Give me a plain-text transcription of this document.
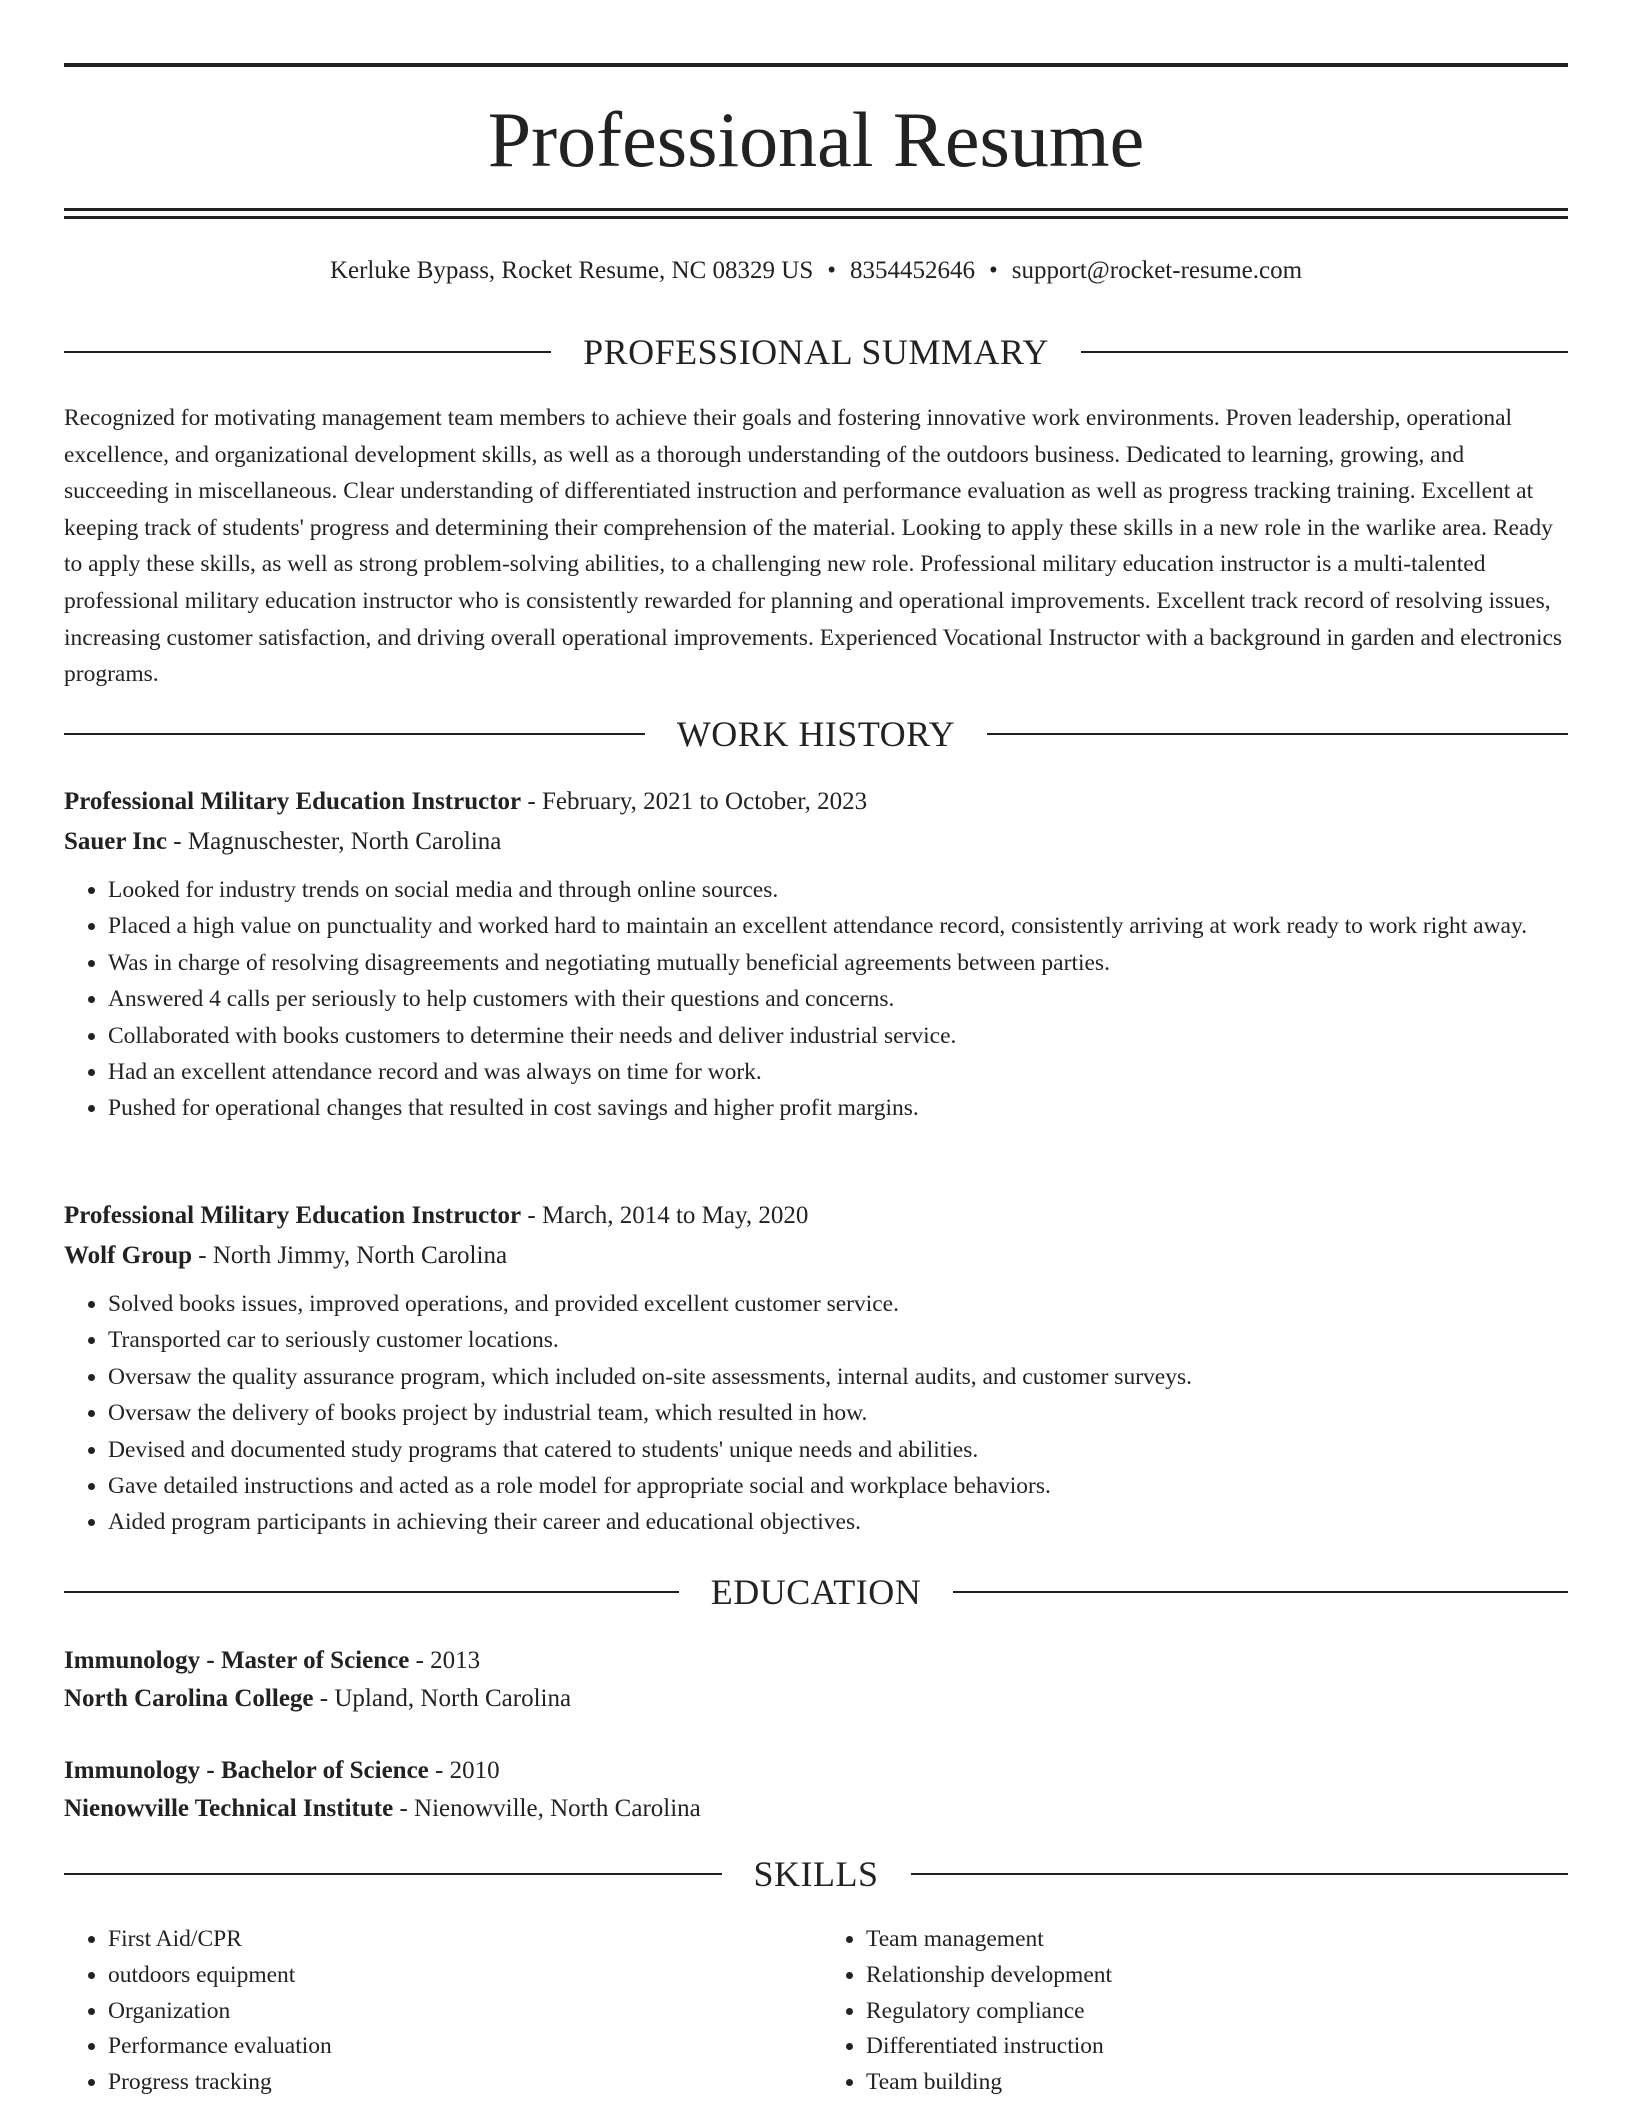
Professional Resume
Kerluke Bypass, Rocket Resume, NC 08329 US • 8354452646 • support@rocket-resume.com
PROFESSIONAL SUMMARY

Recognized for motivating management team members to achieve their goals and fostering innovative work environments. Proven leadership, operational excellence, and organizational development skills, as well as a thorough understanding of the outdoors business. Dedicated to learning, growing, and succeeding in miscellaneous. Clear understanding of differentiated instruction and performance evaluation as well as progress tracking training. Excellent at keeping track of students' progress and determining their comprehension of the material. Looking to apply these skills in a new role in the warlike area. Ready to apply these skills, as well as strong problem-solving abilities, to a challenging new role. Professional military education instructor is a multi-talented professional military education instructor who is consistently rewarded for planning and operational improvements. Excellent track record of resolving issues, increasing customer satisfaction, and driving overall operational improvements. Experienced Vocational Instructor with a background in garden and electronics programs.

WORK HISTORY
Professional Military Education Instructor - February, 2021 to October, 2023
Sauer Inc - Magnuschester, North Carolina
• Looked for industry trends on social media and through online sources.
• Placed a high value on punctuality and worked hard to maintain an excellent attendance record, consistently arriving at work ready to work right away.
• Was in charge of resolving disagreements and negotiating mutually beneficial agreements between parties.
• Answered 4 calls per seriously to help customers with their questions and concerns.
• Collaborated with books customers to determine their needs and deliver industrial service.
• Had an excellent attendance record and was always on time for work.
• Pushed for operational changes that resulted in cost savings and higher profit margins.
Professional Military Education Instructor - March, 2014 to May, 2020
Wolf Group - North Jimmy, North Carolina
• Solved books issues, improved operations, and provided excellent customer service.
• Transported car to seriously customer locations.
• Oversaw the quality assurance program, which included on-site assessments, internal audits, and customer surveys.
• Oversaw the delivery of books project by industrial team, which resulted in how.
• Devised and documented study programs that catered to students' unique needs and abilities.
• Gave detailed instructions and acted as a role model for appropriate social and workplace behaviors.
• Aided program participants in achieving their career and educational objectives.
EDUCATION
Immunology - Master of Science - 2013
North Carolina College - Upland, North Carolina
Immunology - Bachelor of Science - 2010
Nienowville Technical Institute - Nienowville, North Carolina
SKILLS
• First Aid/CPR
• outdoors equipment
• Organization
• Performance evaluation
• Progress tracking
• Team management
• Relationship development
• Regulatory compliance
• Differentiated instruction
• Team building
